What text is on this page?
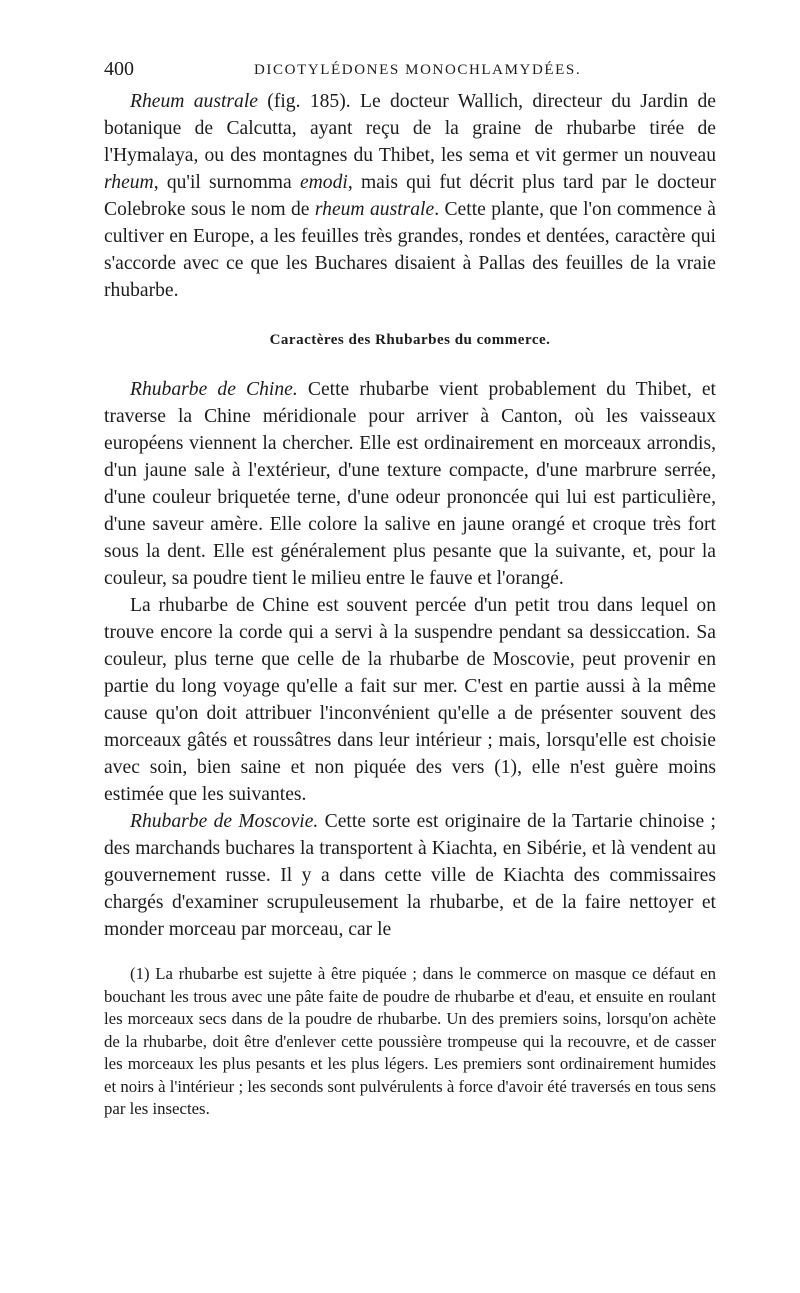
400	DICOTYLÉDONES MONOCHLAMYDÉES.

Rheum australe (fig. 185). Le docteur Wallich, directeur du Jardin de botanique de Calcutta, ayant reçu de la graine de rhubarbe tirée de l'Hymalaya, ou des montagnes du Thibet, les sema et vit germer un nouveau rheum, qu'il surnomma emodi, mais qui fut décrit plus tard par le docteur Colebroke sous le nom de rheum australe. Cette plante, que l'on commence à cultiver en Europe, a les feuilles très grandes, rondes et dentées, caractère qui s'accorde avec ce que les Buchares disaient à Pallas des feuilles de la vraie rhubarbe.

Caractères des Rhubarbes du commerce.

Rhubarbe de Chine. Cette rhubarbe vient probablement du Thibet, et traverse la Chine méridionale pour arriver à Canton, où les vaisseaux européens viennent la chercher. Elle est ordinairement en morceaux arrondis, d'un jaune sale à l'extérieur, d'une texture compacte, d'une marbrure serrée, d'une couleur briquetée terne, d'une odeur prononcée qui lui est particulière, d'une saveur amère. Elle colore la salive en jaune orangé et croque très fort sous la dent. Elle est généralement plus pesante que la suivante, et, pour la couleur, sa poudre tient le milieu entre le fauve et l'orangé.

La rhubarbe de Chine est souvent percée d'un petit trou dans lequel on trouve encore la corde qui a servi à la suspendre pendant sa dessiccation. Sa couleur, plus terne que celle de la rhubarbe de Moscovie, peut provenir en partie du long voyage qu'elle a fait sur mer. C'est en partie aussi à la même cause qu'on doit attribuer l'inconvénient qu'elle a de présenter souvent des morceaux gâtés et roussâtres dans leur intérieur ; mais, lorsqu'elle est choisie avec soin, bien saine et non piquée des vers (1), elle n'est guère moins estimée que les suivantes.

Rhubarbe de Moscovie. Cette sorte est originaire de la Tartarie chinoise ; des marchands buchares la transportent à Kiachta, en Sibérie, et là vendent au gouvernement russe. Il y a dans cette ville de Kiachta des commissaires chargés d'examiner scrupuleusement la rhubarbe, et de la faire nettoyer et monder morceau par morceau, car le

(1) La rhubarbe est sujette à être piquée ; dans le commerce on masque ce défaut en bouchant les trous avec une pâte faite de poudre de rhubarbe et d'eau, et ensuite en roulant les morceaux secs dans de la poudre de rhubarbe. Un des premiers soins, lorsqu'on achète de la rhubarbe, doit être d'enlever cette poussière trompeuse qui la recouvre, et de casser les morceaux les plus pesants et les plus légers. Les premiers sont ordinairement humides et noirs à l'intérieur ; les seconds sont pulvérulents à force d'avoir été traversés en tous sens par les insectes.
